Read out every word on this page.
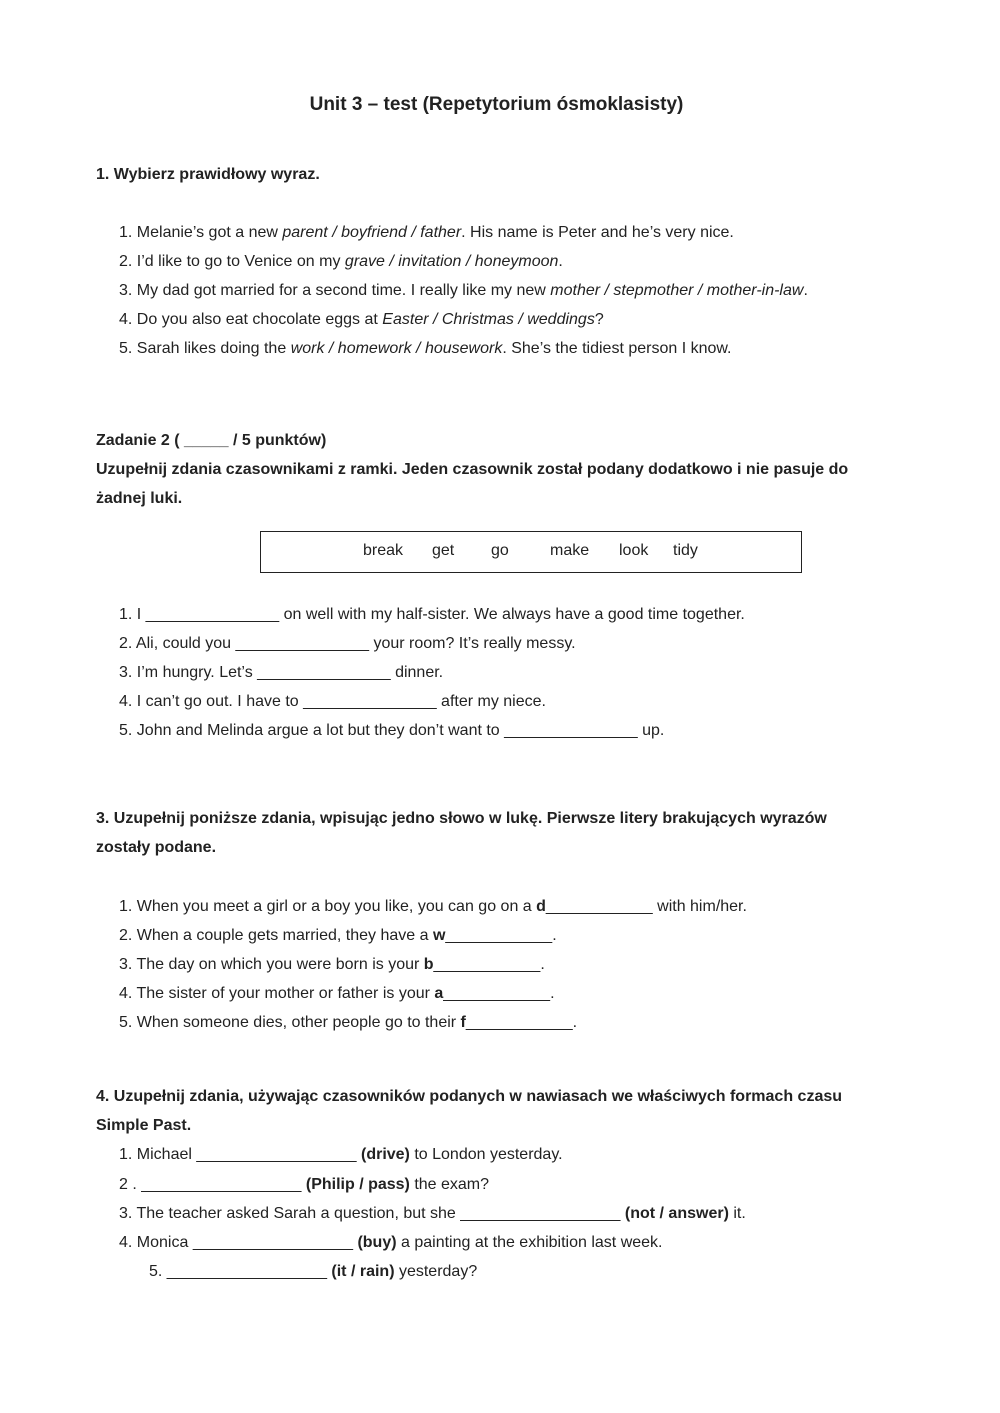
Unit 3 – test (Repetytorium ósmoklasisty)
1. Wybierz prawidłowy wyraz.
1. Melanie’s got a new parent / boyfriend / father. His name is Peter and he’s very nice.
2. I’d like to go to Venice on my grave / invitation / honeymoon.
3. My dad got married for a second time. I really like my new mother / stepmother / mother-in-law.
4. Do you also eat chocolate eggs at Easter / Christmas / weddings?
5. Sarah likes doing the work / homework / housework. She’s the tidiest person I know.
Zadanie 2 ( _____ / 5 punktów)
Uzupełnij zdania czasownikami z ramki. Jeden czasownik został podany dodatkowo i nie pasuje do
żadnej luki.
break get go	make look tidy
1. I _______________ on well with my half-sister. We always have a good time together.
2. Ali, could you _______________ your room? It’s really messy.
3. I’m hungry. Let’s _______________ dinner.
4. I can’t go out. I have to _______________ after my niece.
5. John and Melinda argue a lot but they don’t want to _______________ up.
3. Uzupełnij poniższe zdania, wpisując jedno słowo w lukę. Pierwsze litery brakujących wyrazów
zostały podane.
1. When you meet a girl or a boy you like, you can go on a d____________ with him/her.
2. When a couple gets married, they have a w____________.
3. The day on which you were born is your b____________.
4. The sister of your mother or father is your a____________.
5. When someone dies, other people go to their f____________.
4. Uzupełnij zdania, używając czasowników podanych w nawiasach we właściwych formach czasu
Simple Past.
1. Michael __________________ (drive) to London yesterday.
2 . __________________ (Philip / pass) the exam?
3. The teacher asked Sarah a question, but she __________________ (not / answer) it.
4. Monica __________________ (buy) a painting at the exhibition last week.
5. __________________ (it / rain) yesterday?
